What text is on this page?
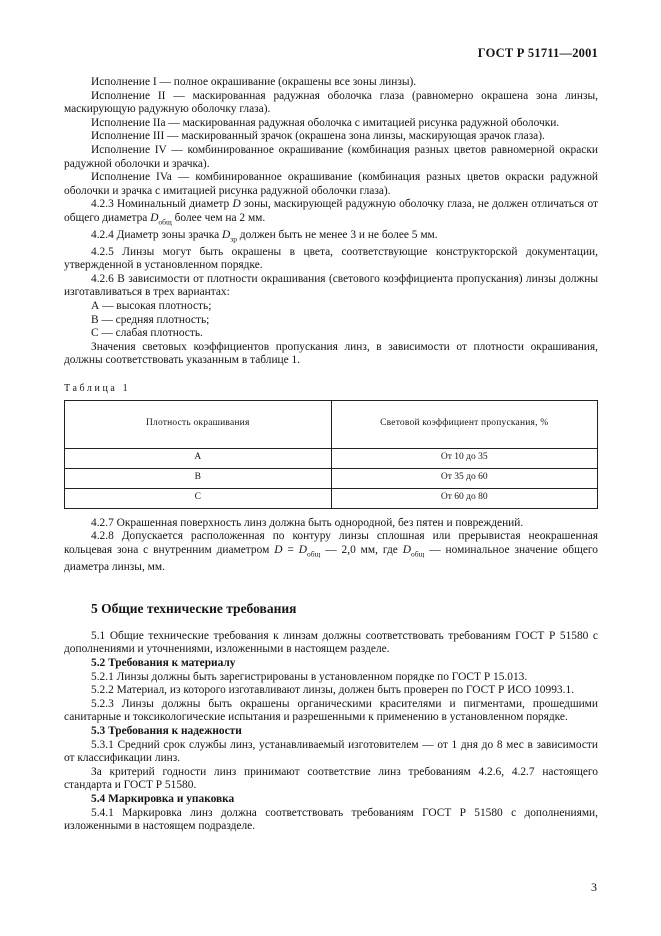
ГОСТ Р 51711—2001

Исполнение I — полное окрашивание (окрашены все зоны линзы).

Исполнение II — маскированная радужная оболочка глаза (равномерно окрашена зона линзы, маскирующую радужную оболочку глаза).

Исполнение IIa — маскированная радужная оболочка с имитацией рисунка радужной оболочки.

Исполнение III — маскированный зрачок (окрашена зона линзы, маскирующая зрачок глаза).

Исполнение IV — комбинированное окрашивание (комбинация разных цветов равномерной окраски радужной оболочки и зрачка).

Исполнение IVa — комбинированное окрашивание (комбинация разных цветов окраски радужной оболочки и зрачка с имитацией рисунка радужной оболочки глаза).

4.2.3 Номинальный диаметр D зоны, маскирующей радужную оболочку глаза, не должен отличаться от общего диаметра $D_{общ}$ более чем на 2 мм.

4.2.4 Диаметр зоны зрачка $D_{зр}$ должен быть не менее 3 и не более 5 мм.

4.2.5 Линзы могут быть окрашены в цвета, соответствующие конструкторской документации, утвержденной в установленном порядке.

4.2.6 В зависимости от плотности окрашивания (светового коэффициента пропускания) линзы должны изготавливаться в трех вариантах:

А — высокая плотность;

В — средняя плотность;

С — слабая плотность.

Значения световых коэффициентов пропускания линз, в зависимости от плотности окрашивания, должны соответствовать указанным в таблице 1.

Таблица 1
Плотность окрашивания	Световой коэффициент пропускания, %
А	От 10 до 35
В	От 35 до 60
С	От 60 до 80

4.2.7 Окрашенная поверхность линз должна быть однородной, без пятен и повреждений.

4.2.8 Допускается расположенная по контуру линзы сплошная или прерывистая неокрашенная кольцевая зона с внутренним диаметром $D = D_{общ}$ — 2,0 мм, где $D_{общ}$ — номинальное значение общего диаметра линзы, мм.

5 Общие технические требования

5.1 Общие технические требования к линзам должны соответствовать требованиям ГОСТ Р 51580 с дополнениями и уточнениями, изложенными в настоящем разделе.

5.2 Требования к материалу

5.2.1 Линзы должны быть зарегистрированы в установленном порядке по ГОСТ Р 15.013.

5.2.2 Материал, из которого изготавливают линзы, должен быть проверен по ГОСТ Р ИСО 10993.1.

5.2.3 Линзы должны быть окрашены органическими красителями и пигментами, прошедшими санитарные и токсикологические испытания и разрешенными к применению в установленном порядке.

5.3 Требования к надежности

5.3.1 Средний срок службы линз, устанавливаемый изготовителем — от 1 дня до 8 мес в зависимости от классификации линз.

За критерий годности линз принимают соответствие линз требованиям 4.2.6, 4.2.7 настоящего стандарта и ГОСТ Р 51580.

5.4 Маркировка и упаковка

5.4.1 Маркировка линз должна соответствовать требованиям ГОСТ Р 51580 с дополнениями, изложенными в настоящем подразделе.

3
